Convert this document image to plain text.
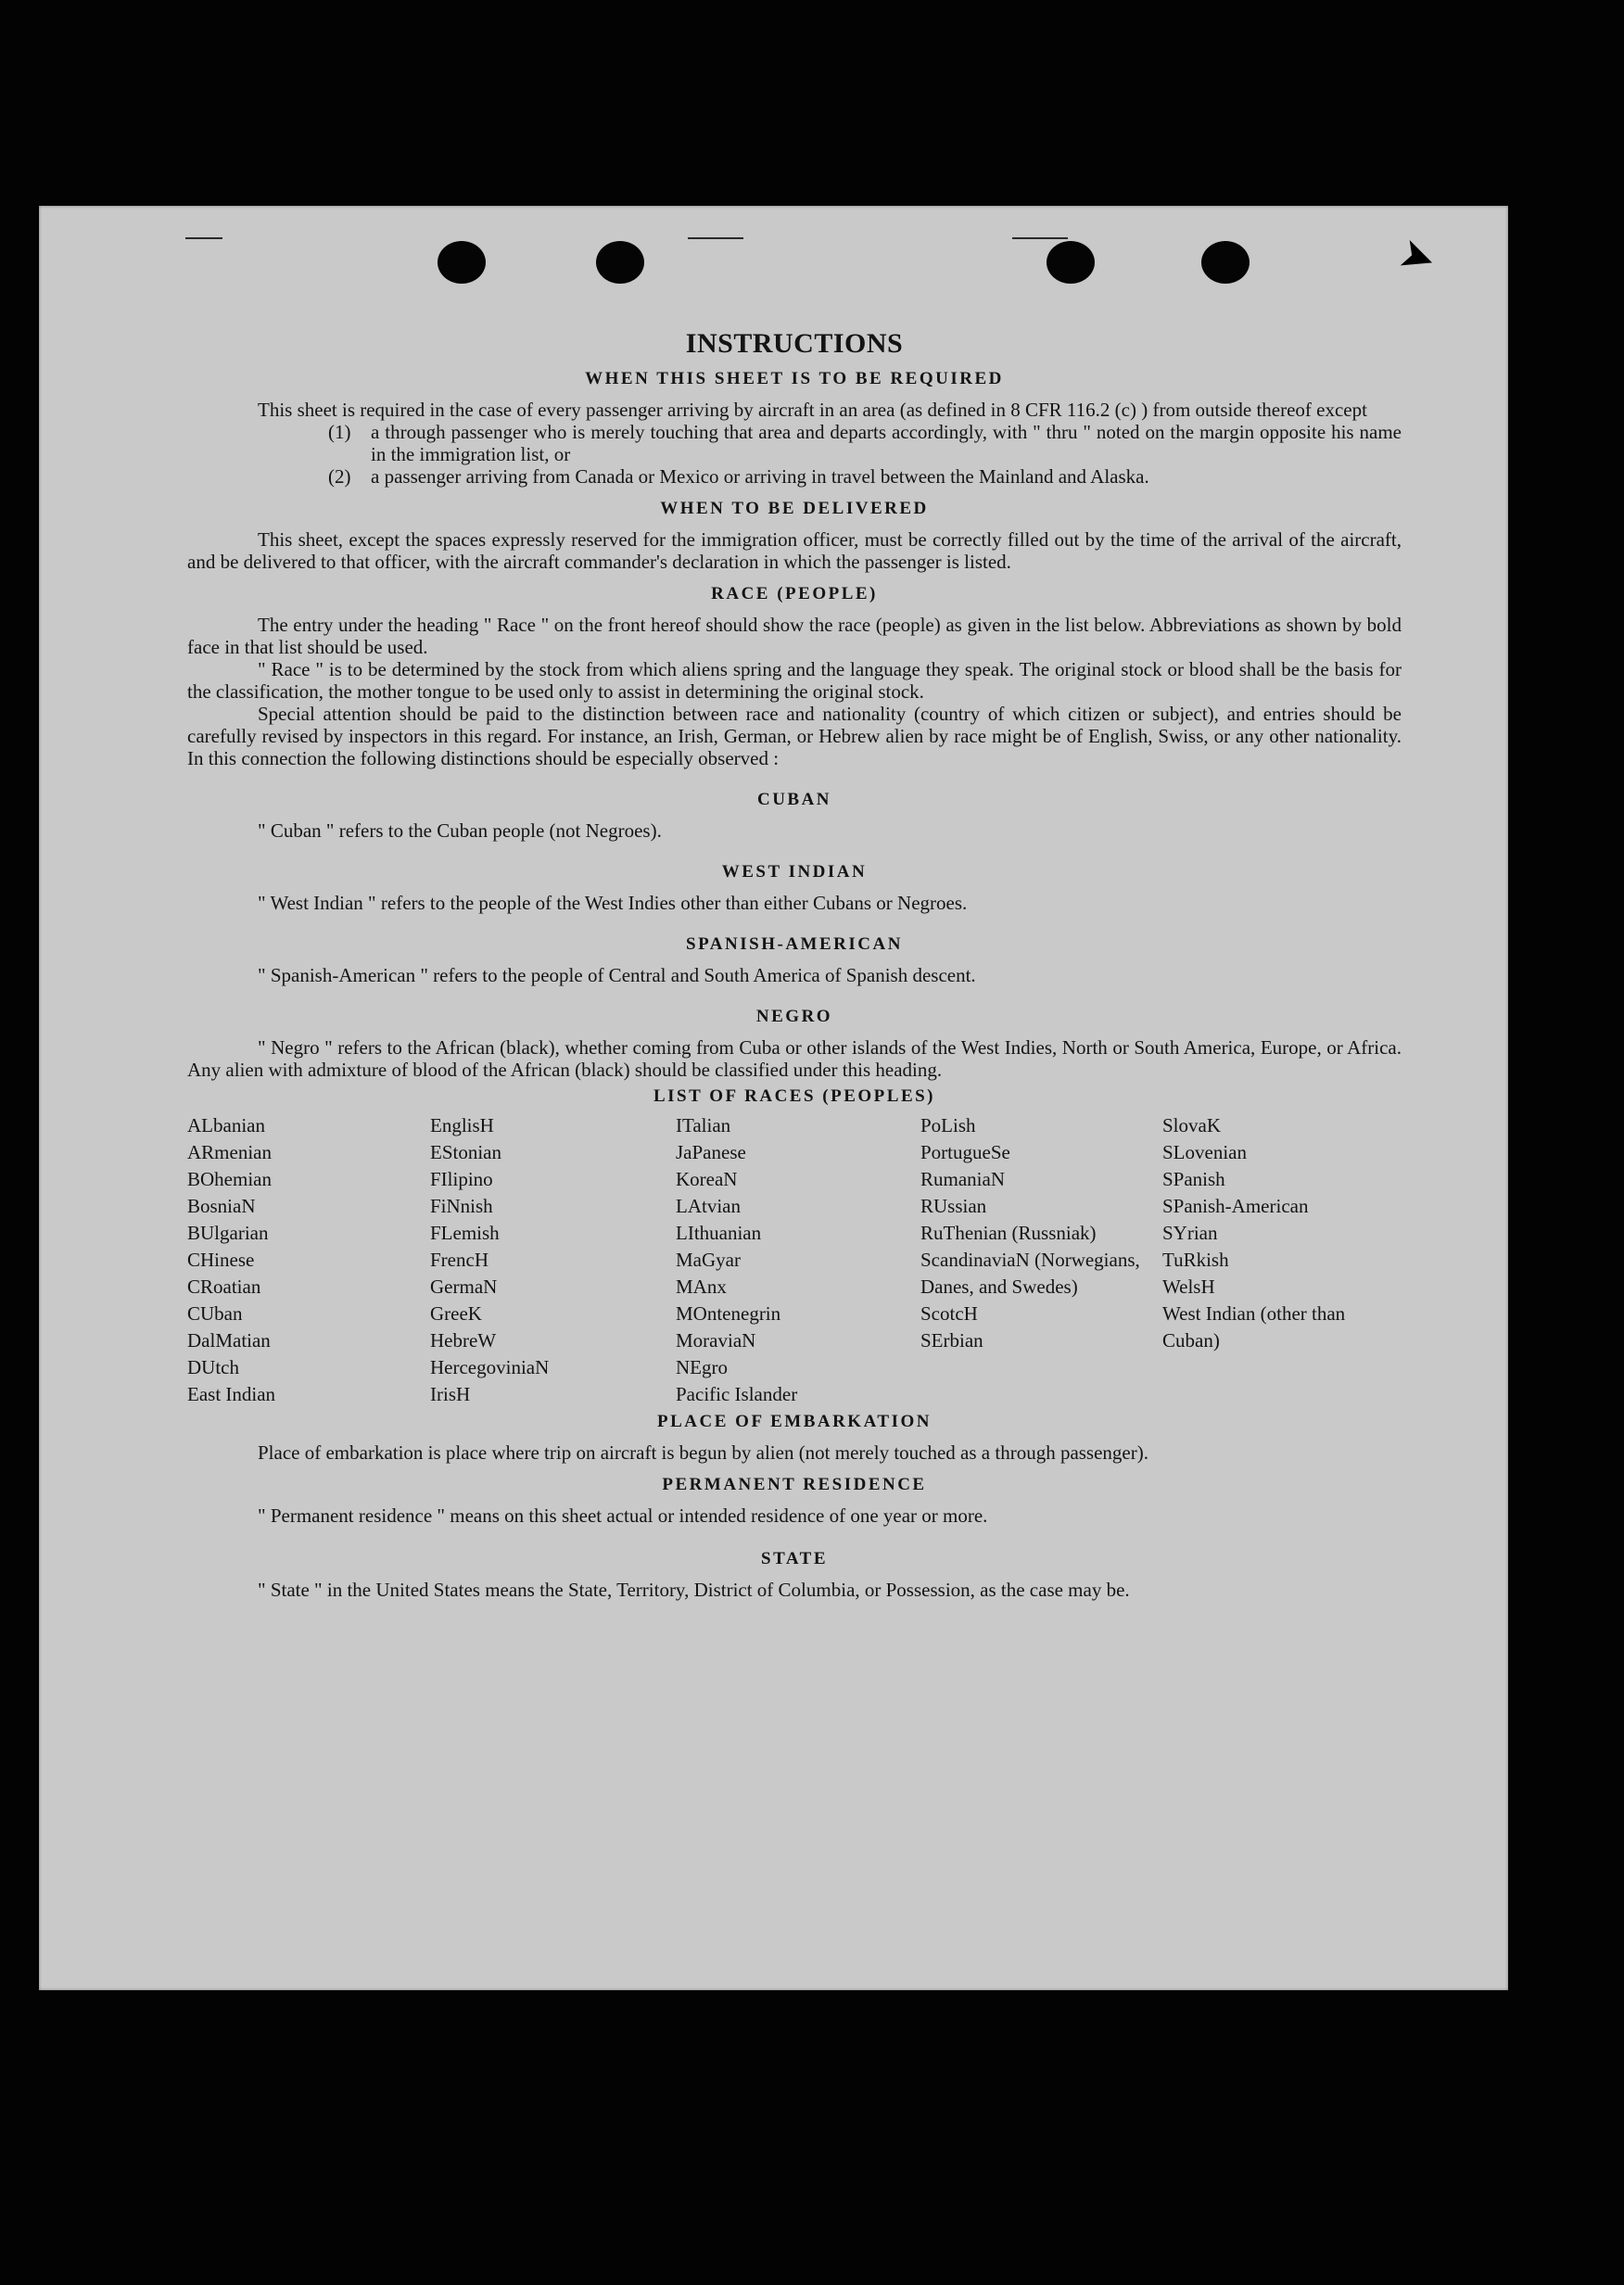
➤
INSTRUCTIONS
WHEN THIS SHEET IS TO BE REQUIRED

This sheet is required in the case of every passenger arriving by aircraft in an area (as defined in 8 CFR 116.2 (c) ) from outside thereof except

(1)	a through passenger who is merely touching that area and departs accordingly, with " thru " noted on the margin opposite his name in the immigration list, or
(2)	a passenger arriving from Canada or Mexico or arriving in travel between the Mainland and Alaska.
WHEN TO BE DELIVERED

This sheet, except the spaces expressly reserved for the immigration officer, must be correctly filled out by the time of the arrival of the aircraft, and be delivered to that officer, with the aircraft commander's declaration in which the passenger is listed.

RACE (PEOPLE)

The entry under the heading " Race " on the front hereof should show the race (people) as given in the list below. Abbreviations as shown by bold face in that list should be used.

" Race " is to be determined by the stock from which aliens spring and the language they speak. The original stock or blood shall be the basis for the classification, the mother tongue to be used only to assist in determining the original stock.

Special attention should be paid to the distinction between race and nationality (country of which citizen or subject), and entries should be carefully revised by inspectors in this regard. For instance, an Irish, German, or Hebrew alien by race might be of English, Swiss, or any other nationality. In this connection the following distinctions should be especially observed :

CUBAN

" Cuban " refers to the Cuban people (not Negroes).

WEST INDIAN

" West Indian " refers to the people of the West Indies other than either Cubans or Negroes.

SPANISH-AMERICAN

" Spanish-American " refers to the people of Central and South America of Spanish descent.

NEGRO

" Negro " refers to the African (black), whether coming from Cuba or other islands of the West Indies, North or South America, Europe, or Africa. Any alien with admixture of blood of the African (black) should be classified under this heading.

LIST OF RACES (PEOPLES)
ALbanian
ARmenian
BOhemian
BosniaN
BUlgarian
CHinese
CRoatian
CUban
DalMatian
DUtch
East Indian
EnglisH
EStonian
FIlipino
FiNnish
FLemish
FrencH
GermaN
GreeK
HebreW
HercegoviniaN
IrisH
ITalian
JaPanese
KoreaN
LAtvian
LIthuanian
MaGyar
MAnx
MOntenegrin
MoraviaN
NEgro
Pacific Islander
PoLish
PortugueSe
RumaniaN
RUssian
RuThenian (Russniak)
ScandinaviaN (Norwegians, Danes, and Swedes)
ScotcH
SErbian
SlovaK
SLovenian
SPanish
SPanish-American
SYrian
TuRkish
WelsH
West Indian (other than Cuban)
PLACE OF EMBARKATION

Place of embarkation is place where trip on aircraft is begun by alien (not merely touched as a through passenger).

PERMANENT RESIDENCE

" Permanent residence " means on this sheet actual or intended residence of one year or more.

STATE

" State " in the United States means the State, Territory, District of Columbia, or Possession, as the case may be.
